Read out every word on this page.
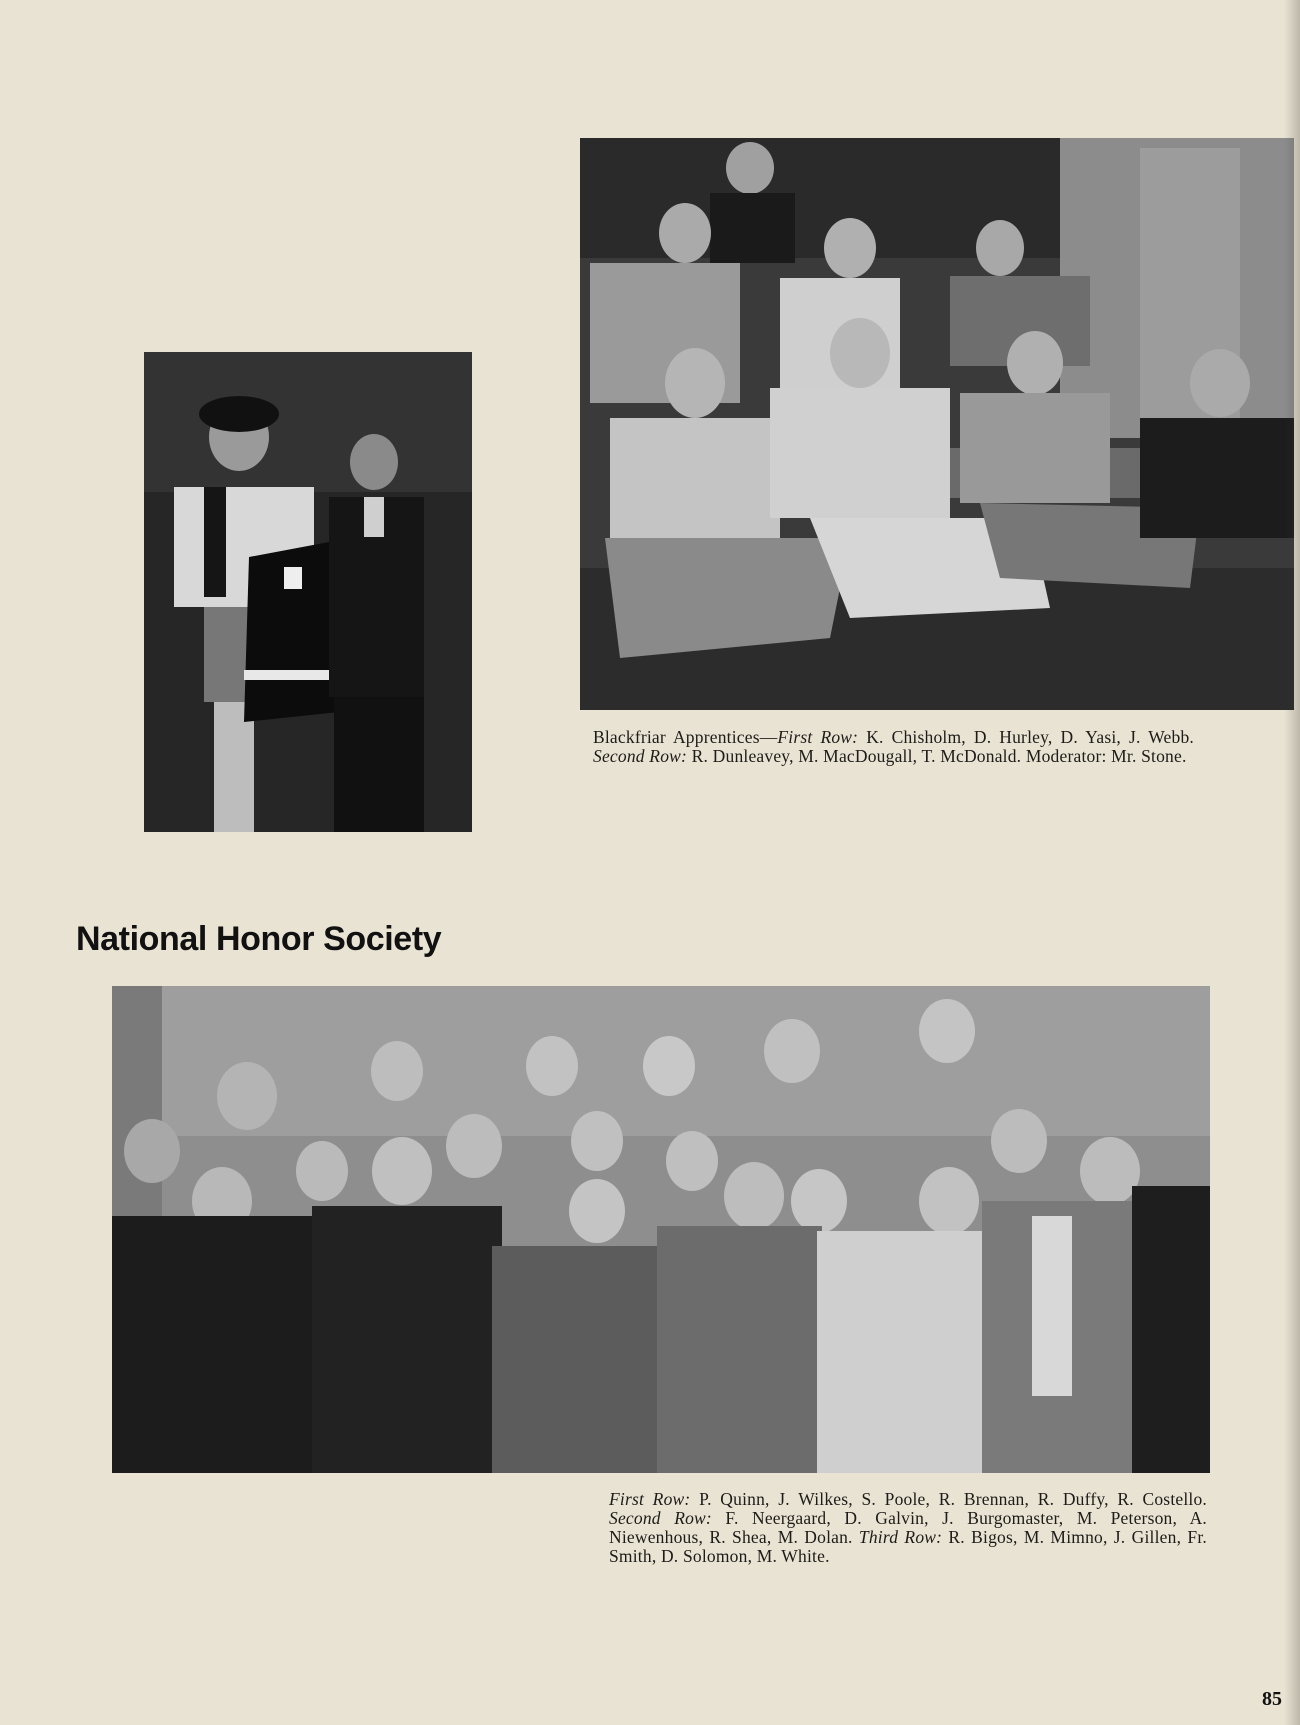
Blackfriar Apprentices—First Row: K. Chisholm, D. Hurley, D. Yasi, J. Webb. Second Row: R. Dunleavey, M. MacDougall, T. McDonald. Moderator: Mr. Stone.
National Honor Society
First Row: P. Quinn, J. Wilkes, S. Poole, R. Brennan, R. Duffy, R. Costello. Second Row: F. Neergaard, D. Galvin, J. Burgomaster, M. Peterson, A. Niewenhous, R. Shea, M. Dolan. Third Row: R. Bigos, M. Mimno, J. Gillen, Fr. Smith, D. Solomon, M. White.
85
